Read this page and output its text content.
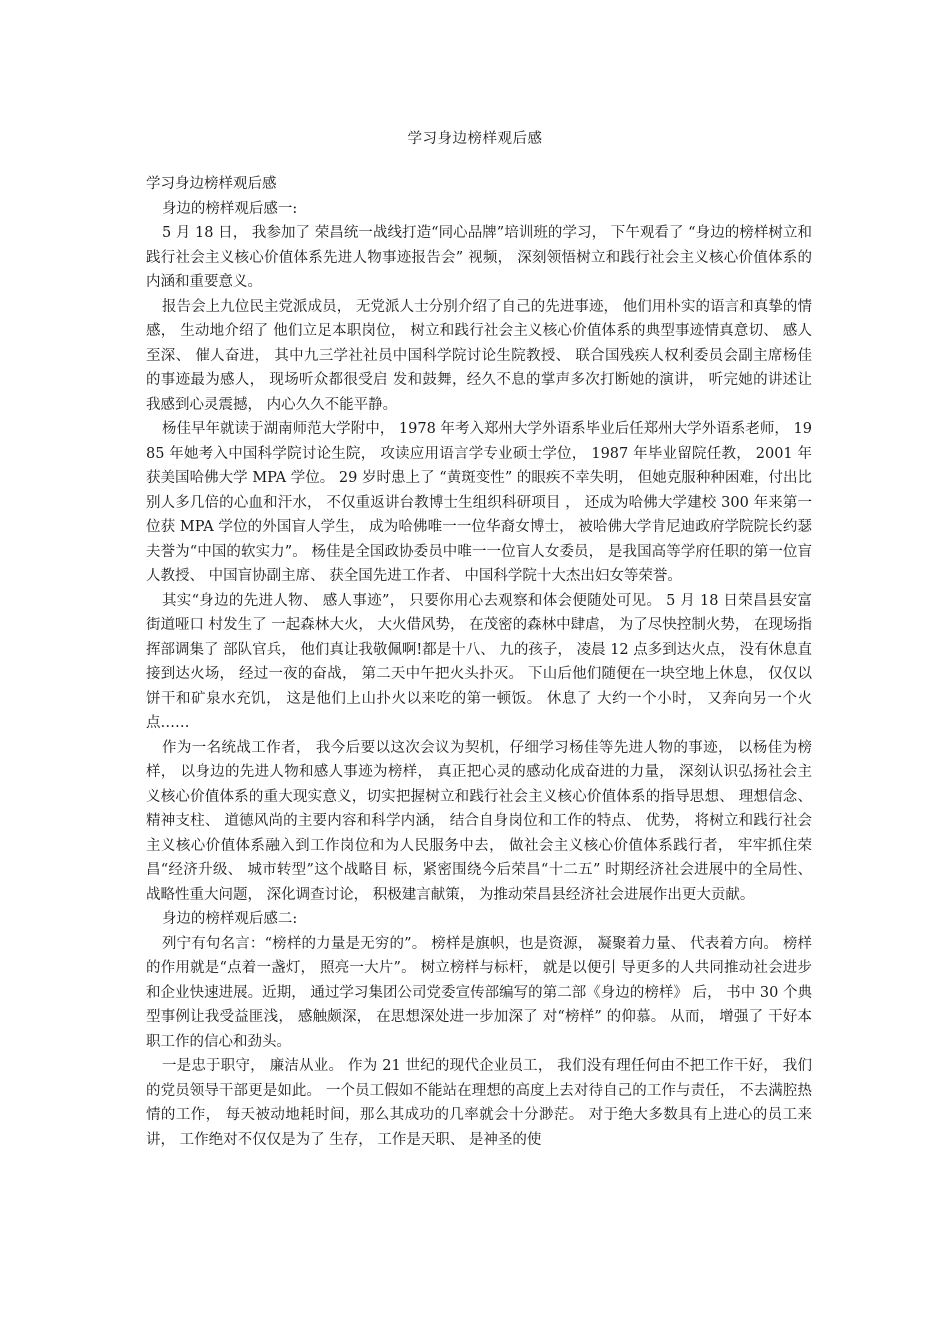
学习身边榜样观后感

学习身边榜样观后感

身边的榜样观后感一:

5 月 18 日， 我参加了 荣昌统一战线打造“同心品牌”培训班的学习， 下午观看了 “身边的榜样树立和践行社会主义核心价值体系先进人物事迹报告会” 视频， 深刻领悟树立和践行社会主义核心价值体系的内涵和重要意义。

报告会上九位民主党派成员， 无党派人士分别介绍了自己的先进事迹， 他们用朴实的语言和真挚的情感， 生动地介绍了 他们立足本职岗位， 树立和践行社会主义核心价值体系的典型事迹情真意切、 感人至深、 催人奋进， 其中九三学社社员中国科学院讨论生院教授、 联合国残疾人权利委员会副主席杨佳的事迹最为感人， 现场听众都很受启 发和鼓舞，经久不息的掌声多次打断她的演讲， 听完她的讲述让我感到心灵震撼， 内心久久不能平静。

杨佳早年就读于湖南师范大学附中， 1978 年考入郑州大学外语系毕业后任郑州大学外语系老师， 1985 年她考入中国科学院讨论生院， 攻读应用语言学专业硕士学位， 1987 年毕业留院任教， 2001 年获美国哈佛大学 MPA 学位。 29 岁时患上了 “黄斑变性” 的眼疾不幸失明， 但她克服种种困难，付出比别人多几倍的心血和汗水， 不仅重返讲台教博士生组织科研项目 ， 还成为哈佛大学建校 300 年来第一位获 MPA 学位的外国盲人学生， 成为哈佛唯一一位华裔女博士， 被哈佛大学肯尼迪政府学院院长约瑟夫誉为“中国的软实力”。 杨佳是全国政协委员中唯一一位盲人女委员， 是我国高等学府任职的第一位盲人教授、 中国盲协副主席、 获全国先进工作者、 中国科学院十大杰出妇女等荣誉。

其实“身边的先进人物、 感人事迹”， 只要你用心去观察和体会便随处可见。 5 月 18 日荣昌县安富街道哑口 村发生了 一起森林大火， 大火借风势， 在茂密的森林中肆虐， 为了尽快控制火势， 在现场指挥部调集了 部队官兵， 他们真让我敬佩啊!都是十八、 九的孩子， 凌晨 12 点多到达火点， 没有休息直接到达火场， 经过一夜的奋战， 第二天中午把火头扑灭。 下山后他们随便在一块空地上休息， 仅仅以饼干和矿泉水充饥， 这是他们上山扑火以来吃的第一顿饭。 休息了 大约一个小时， 又奔向另一个火点……

作为一名统战工作者， 我今后要以这次会议为契机，仔细学习杨佳等先进人物的事迹， 以杨佳为榜样， 以身边的先进人物和感人事迹为榜样， 真正把心灵的感动化成奋进的力量， 深刻认识弘扬社会主义核心价值体系的重大现实意义，切实把握树立和践行社会主义核心价值体系的指导思想、 理想信念、 精神支柱、 道德风尚的主要内容和科学内涵， 结合自身岗位和工作的特点、 优势， 将树立和践行社会主义核心价值体系融入到工作岗位和为人民服务中去， 做社会主义核心价值体系践行者， 牢牢抓住荣昌“经济升级、 城市转型”这个战略目 标，紧密围绕今后荣昌“十二五” 时期经济社会进展中的全局性、 战略性重大问题， 深化调查讨论， 积极建言献策， 为推动荣昌县经济社会进展作出更大贡献。

身边的榜样观后感二:

列宁有句名言：“榜样的力量是无穷的”。 榜样是旗帜，也是资源， 凝聚着力量、 代表着方向。 榜样的作用就是“点着一盏灯， 照亮一大片”。 树立榜样与标杆， 就是以便引 导更多的人共同推动社会进步和企业快速进展。近期， 通过学习集团公司党委宣传部编写的第二部《身边的榜样》 后， 书中 30 个典型事例让我受益匪浅， 感触颇深， 在思想深处进一步加深了 对“榜样” 的仰慕。 从而， 增强了 干好本职工作的信心和劲头。

一是忠于职守， 廉洁从业。 作为 21 世纪的现代企业员工， 我们没有理任何由不把工作干好， 我们的党员领导干部更是如此。 一个员工假如不能站在理想的高度上去对待自己的工作与责任， 不去满腔热情的工作， 每天被动地耗时间，那么其成功的几率就会十分渺茫。 对于绝大多数具有上进心的员工来讲， 工作绝对不仅仅是为了 生存， 工作是天职、 是神圣的使
